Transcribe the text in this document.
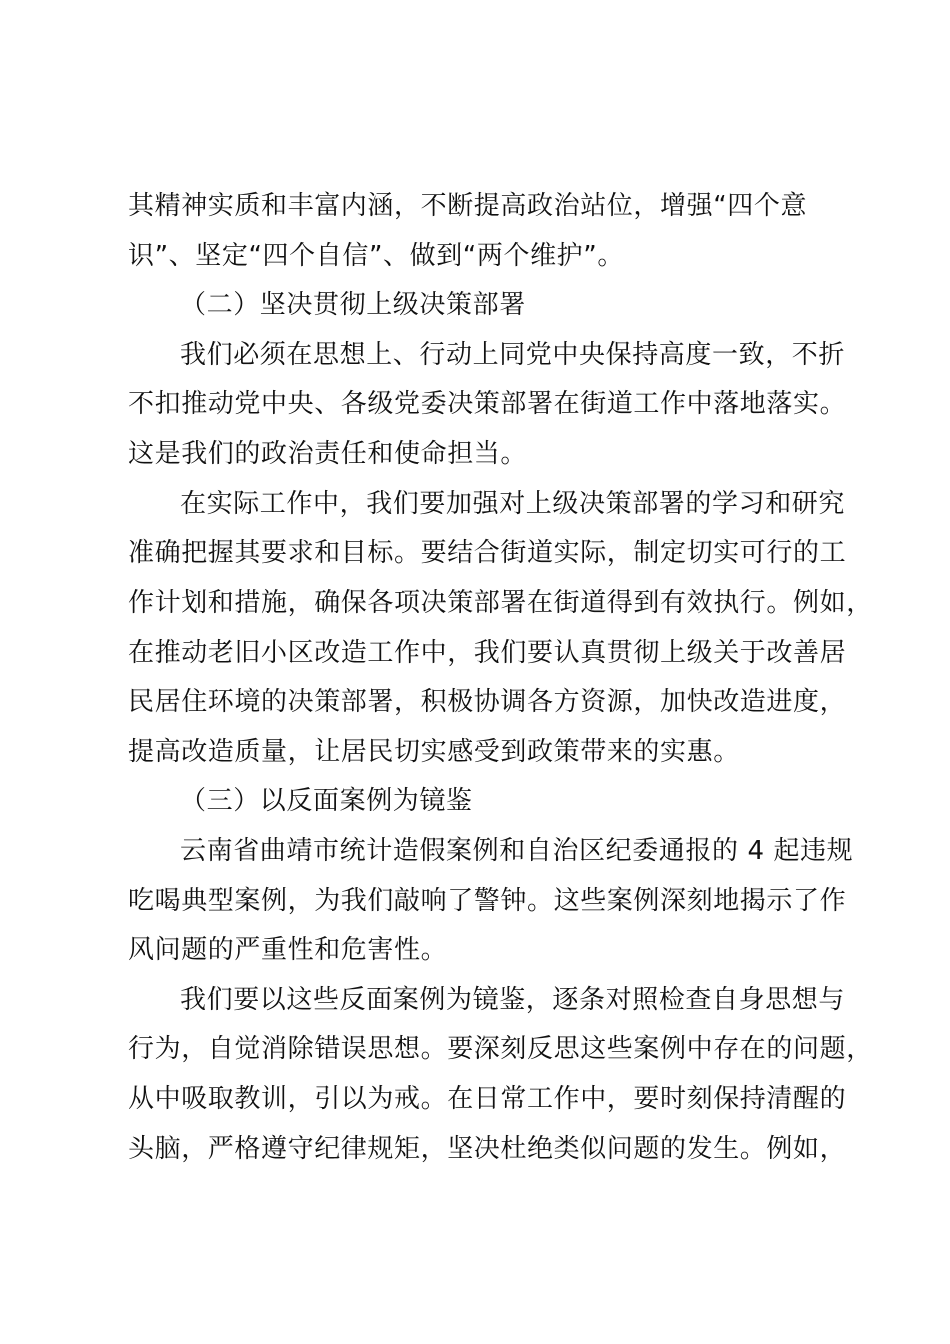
其精神实质和丰富内涵，不断提高政治站位，增强“四个意
识”、坚定“四个自信”、做到“两个维护”。
（二）坚决贯彻上级决策部署
我们必须在思想上、行动上同党中央保持高度一致，不折
不扣推动党中央、各级党委决策部署在街道工作中落地落实。
这是我们的政治责任和使命担当。
在实际工作中，我们要加强对上级决策部署的学习和研究
准确把握其要求和目标。要结合街道实际，制定切实可行的工
作计划和措施，确保各项决策部署在街道得到有效执行。例如，
在推动老旧小区改造工作中，我们要认真贯彻上级关于改善居
民居住环境的决策部署，积极协调各方资源，加快改造进度，
提高改造质量，让居民切实感受到政策带来的实惠。
（三）以反面案例为镜鉴
云南省曲靖市统计造假案例和自治区纪委通报的 4 起违规
吃喝典型案例，为我们敲响了警钟。这些案例深刻地揭示了作
风问题的严重性和危害性。
我们要以这些反面案例为镜鉴，逐条对照检查自身思想与
行为，自觉消除错误思想。要深刻反思这些案例中存在的问题，
从中吸取教训，引以为戒。在日常工作中，要时刻保持清醒的
头脑，严格遵守纪律规矩，坚决杜绝类似问题的发生。例如，
